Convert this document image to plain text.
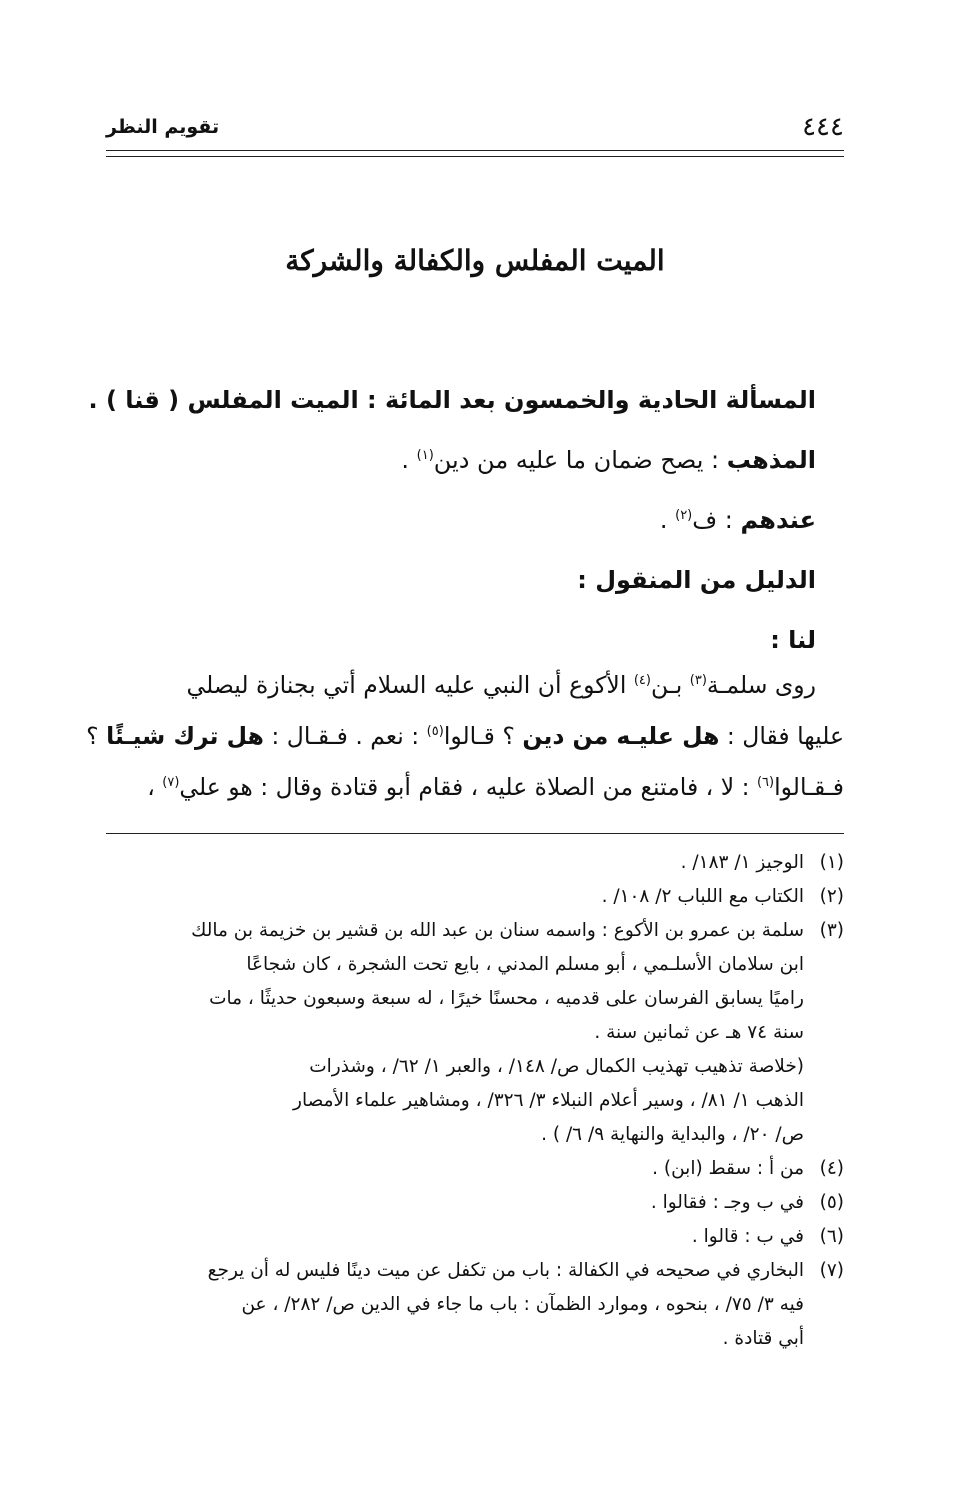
٤٤٤
تقويم النظر
الميت المفلس والكفالة والشركة
المسألة الحادية والخمسون بعد المائة : الميت المفلس ( قنا ) .
المذهب : يصح ضمان ما عليه من دين$^{(١)}$ .
عندهم : ف$^{(٢)}$ .
الدليل من المنقول :
لنا :
روى سلمـة$^{(٣)}$ بـن$^{(٤)}$ الأكوع أن النبي عليه السلام أتي بجنازة ليصلي
عليها فقال : هل عليـه من دين ؟ قـالوا$^{(٥)}$ : نعم . فـقـال : هل ترك شيـئًا ؟
فـقـالوا$^{(٦)}$ : لا ، فامتنع من الصلاة عليه ، فقام أبو قتادة وقال : هو علي$^{(٧)}$ ،
(١)
الوجيز ١/ ١٨٣/ .
(٢)
الكتاب مع اللباب ٢/ ١٠٨/ .
(٣)
سلمة بن عمرو بن الأكوع : واسمه سنان بن عبد الله بن قشير بن خزيمة بن مالك
ابن سلامان الأسلـمي ، أبو مسلم المدني ، بايع تحت الشجرة ، كان شجاعًا
راميًا يسابق الفرسان على قدميه ، محسنًا خيرًا ، له سبعة وسبعون حديثًا ، مات
سنة ٧٤ هـ عن ثمانين سنة .
(خلاصة تذهيب تهذيب الكمال ص/ ١٤٨/ ، والعبر ١/ ٦٢/ ، وشذرات
الذهب ١/ ٨١/ ، وسير أعلام النبلاء ٣/ ٣٢٦/ ، ومشاهير علماء الأمصار
ص/ ٢٠/ ، والبداية والنهاية ٩/ ٦/ ) .
(٤)
من أ : سقط (ابن) .
(٥)
في ب وجـ : فقالوا .
(٦)
في ب : قالوا .
(٧)
البخاري في صحيحه في الكفالة : باب من تكفل عن ميت دينًا فليس له أن يرجع
فيه ٣/ ٧٥/ ، بنحوه ، وموارد الظمآن : باب ما جاء في الدين ص/ ٢٨٢/ ، عن
أبي قتادة .
